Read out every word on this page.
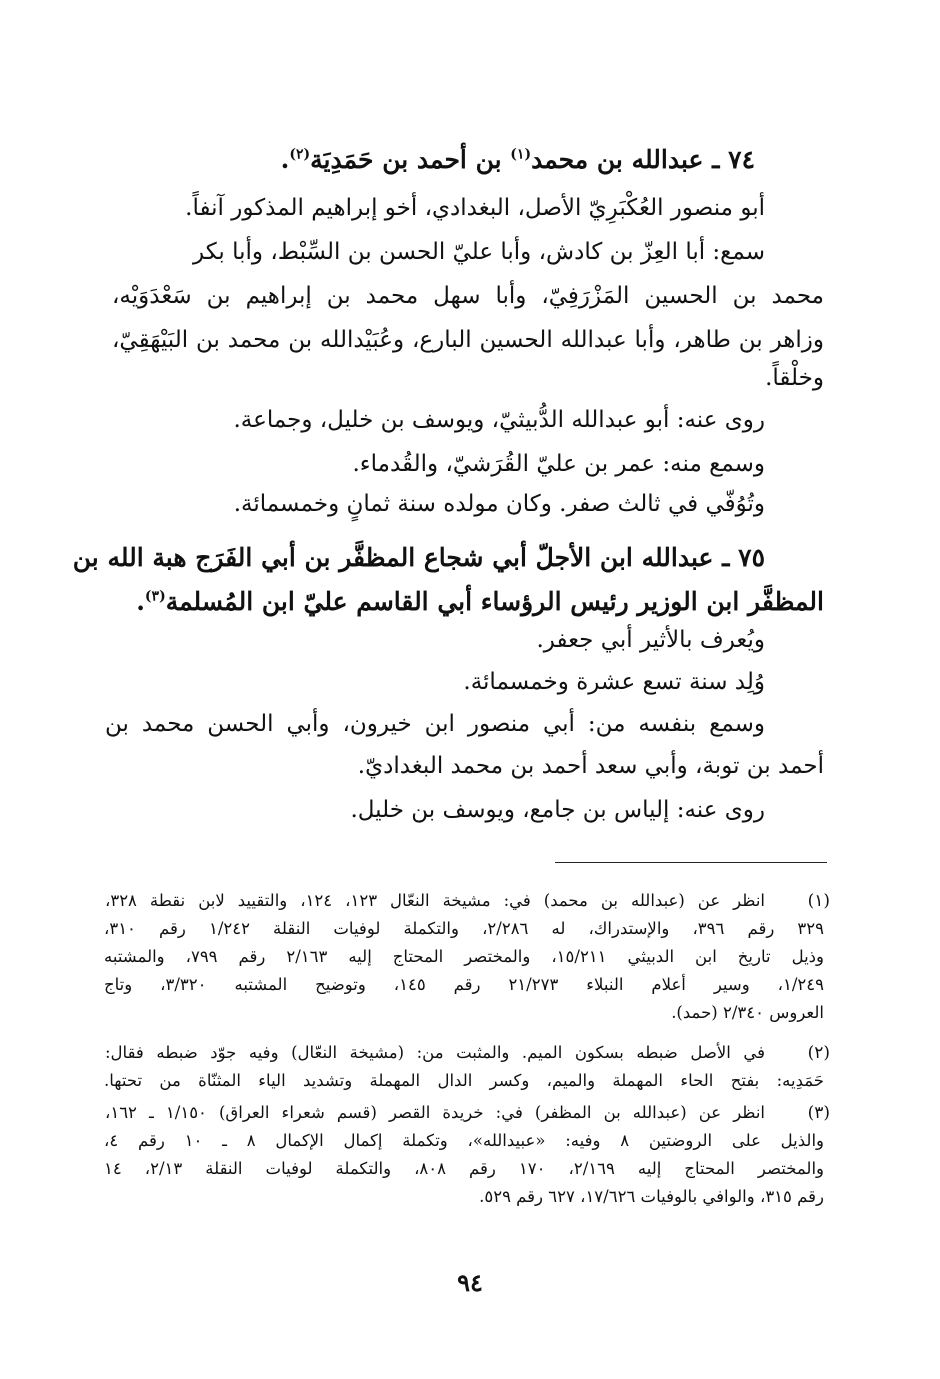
٧٤ ـ عبدالله بن محمد$^{(١)}$ بن أحمد بن حَمَدِيَة$^{(٢)}$.
أبو منصور العُكْبَرِيّ الأصل، البغدادي، أخو إبراهيم المذكور آنفاً.
سمع: أبا العِزّ بن كادش، وأبا عليّ الحسن بن السِّبْط، وأبا بكر
محمد بن الحسين المَزْرَفِيّ، وأبا سهل محمد بن إبراهيم بن سَعْدَوَيْه،
وزاهر بن طاهر، وأبا عبدالله الحسين البارع، وعُبَيْدالله بن محمد بن البَيْهَقِيّ،
وخلْقاً.
روى عنه: أبو عبدالله الدُّبيثيّ، ويوسف بن خليل، وجماعة.
وسمع منه: عمر بن عليّ القُرَشيّ، والقُدماء.
وتُوُفّي في ثالث صفر. وكان مولده سنة ثمانٍ وخمسمائة.
٧٥ ـ عبدالله ابن الأجلّ أبي شجاع المظفَّر بن أبي الفَرَج هبة الله بن
المظفَّر ابن الوزير رئيس الرؤساء أبي القاسم عليّ ابن المُسلمة$^{(٣)}$.
ويُعرف بالأثير أبي جعفر.
وُلِد سنة تسع عشرة وخمسمائة.
وسمع بنفسه من: أبي منصور ابن خيرون، وأبي الحسن محمد بن
أحمد بن توبة، وأبي سعد أحمد بن محمد البغداديّ.
روى عنه: إلياس بن جامع، ويوسف بن خليل.
(١)
انظر عن (عبدالله بن محمد) في: مشيخة النعّال ١٢٣، ١٢٤، والتقييد لابن نقطة ٣٢٨،
٣٢٩ رقم ٣٩٦، والإستدراك، له ٢/٢٨٦، والتكملة لوفيات النقلة ١/٢٤٢ رقم ٣١٠،
وذيل تاريخ ابن الدبيثي ١٥/٢١١، والمختصر المحتاج إليه ٢/١٦٣ رقم ٧٩٩، والمشتبه
١/٢٤٩، وسير أعلام النبلاء ٢١/٢٧٣ رقم ١٤٥، وتوضيح المشتبه ٣/٣٢٠، وتاج
العروس ٢/٣٤٠ (حمد).
(٢)
في الأصل ضبطه بسكون الميم. والمثبت من: (مشيخة النعّال) وفيه جوّد ضبطه فقال:
حَمَدِيه: بفتح الحاء المهملة والميم، وكسر الدال المهملة وتشديد الياء المثنّاة من تحتها.
(٣)
انظر عن (عبدالله بن المظفر) في: خريدة القصر (قسم شعراء العراق) ١/١٥٠ ـ ١٦٢،
والذيل على الروضتين ٨ وفيه: «عبيدالله»، وتكملة إكمال الإكمال ٨ ـ ١٠ رقم ٤،
والمختصر المحتاج إليه ٢/١٦٩، ١٧٠ رقم ٨٠٨، والتكملة لوفيات النقلة ٢/١٣، ١٤
رقم ٣١٥، والوافي بالوفيات ١٧/٦٢٦، ٦٢٧ رقم ٥٢٩.
٩٤
